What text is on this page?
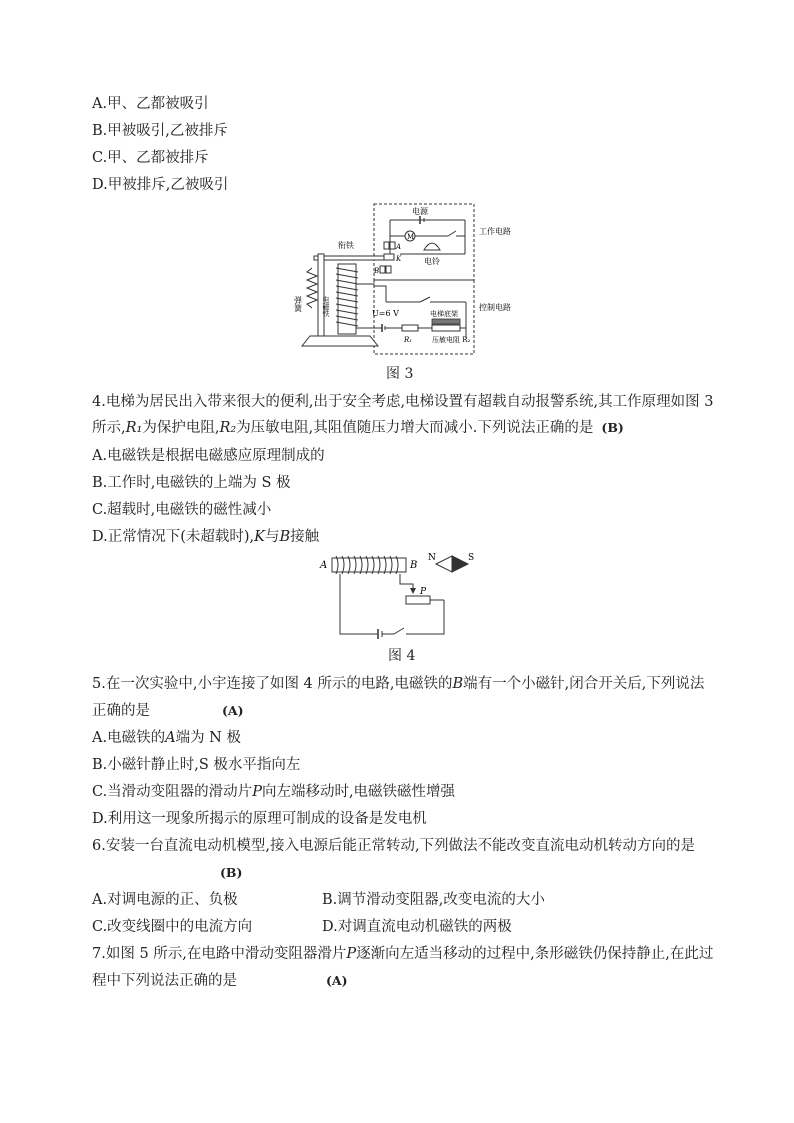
A.甲、乙都被吸引
B.甲被吸引,乙被排斥
C.甲、乙都被排斥
D.甲被排斥,乙被吸引
电源
M
电铃
工作电路
A
K
B
衔铁
弹簧	电磁铁	U=6 V	电梯底架
R₁	压敏电阻 R₂
控制电路
图 3
4.电梯为居民出入带来很大的便利,出于安全考虑,电梯设置有超载自动报警系统,其工作原理如图 3
所示,R₁为保护电阻,R₂为压敏电阻,其阻值随压力增大而减小.下列说法正确的是 (B)
A.电磁铁是根据电磁感应原理制成的
B.工作时,电磁铁的上端为 S 极
C.超载时,电磁铁的磁性减小
D.正常情况下(未超载时),K与B接触
A	B
N	S
P
图 4
5.在一次实验中,小宇连接了如图 4 所示的电路,电磁铁的B端有一个小磁针,闭合开关后,下列说法
正确的是	(A)
A.电磁铁的A端为 N 极
B.小磁针静止时,S 极水平指向左
C.当滑动变阻器的滑动片P向左端移动时,电磁铁磁性增强
D.利用这一现象所揭示的原理可制成的设备是发电机
6.安装一台直流电动机模型,接入电源后能正常转动,下列做法不能改变直流电动机转动方向的是
(B)
A.对调电源的正、负极	B.调节滑动变阻器,改变电流的大小
C.改变线圈中的电流方向	D.对调直流电动机磁铁的两极
7.如图 5 所示,在电路中滑动变阻器滑片P逐渐向左适当移动的过程中,条形磁铁仍保持静止,在此过
程中下列说法正确的是	(A)
